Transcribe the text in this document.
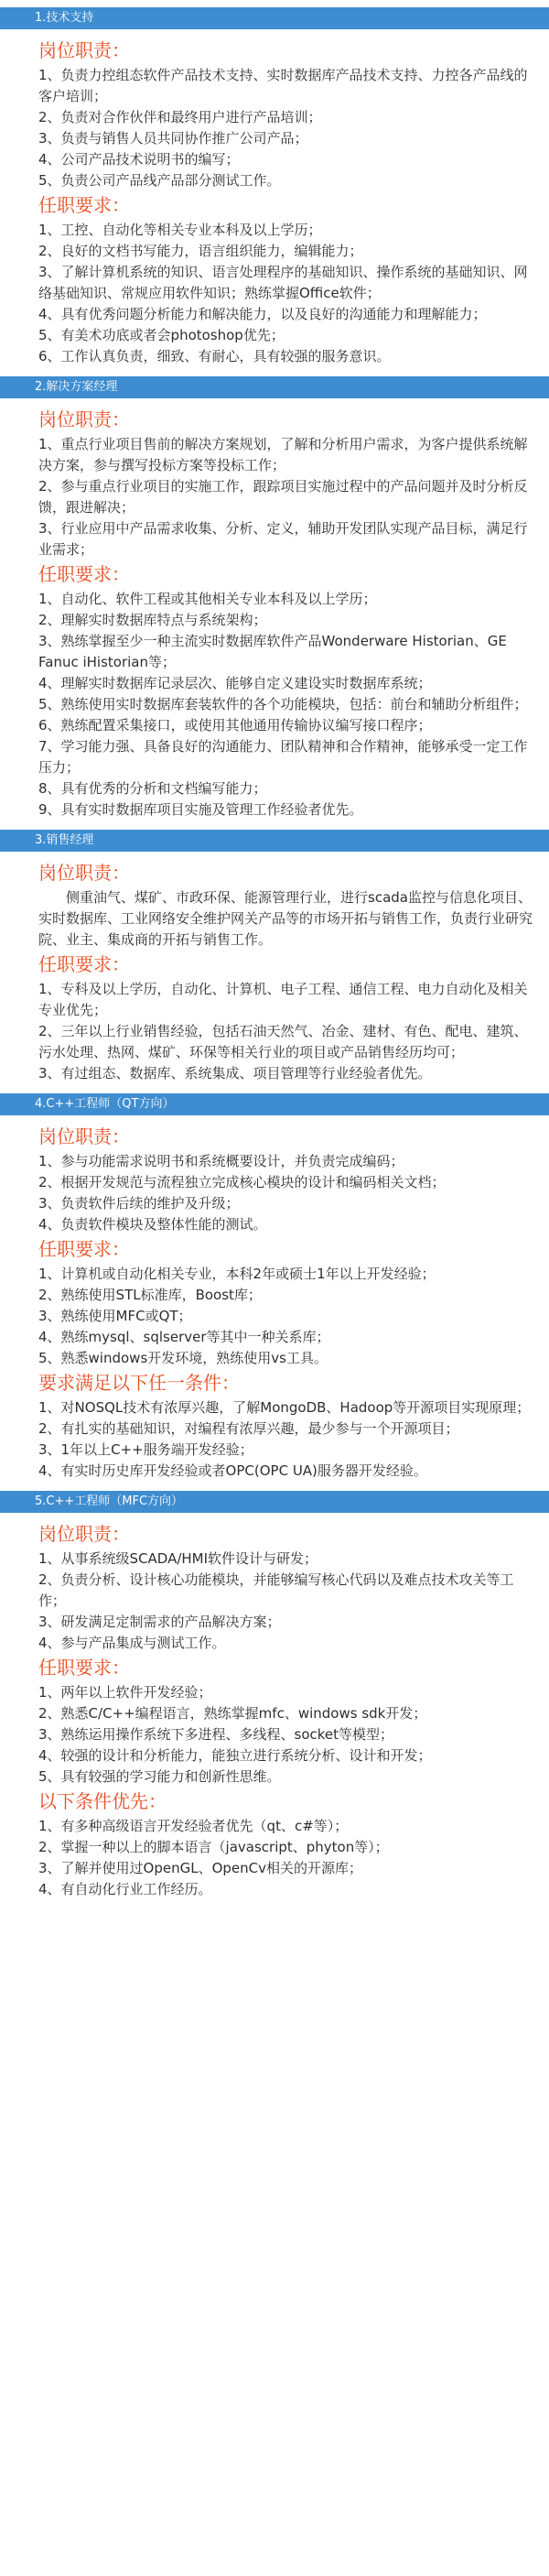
1.技术支持
岗位职责：

1、负责力控组态软件产品技术支持、实时数据库产品技术支持、力控各产品线的客户培训；

2、负责对合作伙伴和最终用户进行产品培训；

3、负责与销售人员共同协作推广公司产品；

4、公司产品技术说明书的编写；

5、负责公司产品线产品部分测试工作。

任职要求：

1、工控、自动化等相关专业本科及以上学历；

2、良好的文档书写能力，语言组织能力，编辑能力；

3、了解计算机系统的知识、语言处理程序的基础知识、操作系统的基础知识、网络基础知识、常规应用软件知识；熟练掌握Office软件；

4、具有优秀问题分析能力和解决能力，以及良好的沟通能力和理解能力；

5、有美术功底或者会photoshop优先；

6、工作认真负责，细致、有耐心，具有较强的服务意识。

2.解决方案经理
岗位职责：

1、重点行业项目售前的解决方案规划，了解和分析用户需求，为客户提供系统解决方案，参与撰写投标方案等投标工作；

2、参与重点行业项目的实施工作，跟踪项目实施过程中的产品问题并及时分析反馈，跟进解决；

3、行业应用中产品需求收集、分析、定义，辅助开发团队实现产品目标，满足行业需求；

任职要求：

1、自动化、软件工程或其他相关专业本科及以上学历；

2、理解实时数据库特点与系统架构；

3、熟练掌握至少一种主流实时数据库软件产品Wonderware Historian、GE Fanuc iHistorian等；

4、理解实时数据库记录层次、能够自定义建设实时数据库系统；

5、熟练使用实时数据库套装软件的各个功能模块，包括：前台和辅助分析组件；

6、熟练配置采集接口，或使用其他通用传输协议编写接口程序；

7、学习能力强、具备良好的沟通能力、团队精神和合作精神，能够承受一定工作压力；

8、具有优秀的分析和文档编写能力；

9、具有实时数据库项目实施及管理工作经验者优先。

3.销售经理
岗位职责：

侧重油气、煤矿、市政环保、能源管理行业，进行scada监控与信息化项目、实时数据库、工业网络安全维护网关产品等的市场开拓与销售工作，负责行业研究院、业主、集成商的开拓与销售工作。

任职要求：

1、专科及以上学历，自动化、计算机、电子工程、通信工程、电力自动化及相关专业优先；

2、三年以上行业销售经验，包括石油天然气、冶金、建材、有色、配电、建筑、污水处理、热网、煤矿、环保等相关行业的项目或产品销售经历均可；

3、有过组态、数据库、系统集成、项目管理等行业经验者优先。

4.C++工程师（QT方向）
岗位职责：

1、参与功能需求说明书和系统概要设计，并负责完成编码；

2、根据开发规范与流程独立完成核心模块的设计和编码相关文档；

3、负责软件后续的维护及升级；

4、负责软件模块及整体性能的测试。

任职要求：

1、计算机或自动化相关专业，本科2年或硕士1年以上开发经验；

2、熟练使用STL标准库，Boost库；

3、熟练使用MFC或QT；

4、熟练mysql、sqlserver等其中一种关系库；

5、熟悉windows开发环境，熟练使用vs工具。

要求满足以下任一条件：

1、对NOSQL技术有浓厚兴趣，了解MongoDB、Hadoop等开源项目实现原理；

2、有扎实的基础知识，对编程有浓厚兴趣，最少参与一个开源项目；

3、1年以上C++服务端开发经验；

4、有实时历史库开发经验或者OPC(OPC UA)服务器开发经验。

5.C++工程师（MFC方向）
岗位职责：

1、从事系统级SCADA/HMI软件设计与研发；

2、负责分析、设计核心功能模块，并能够编写核心代码以及难点技术攻关等工作；

3、研发满足定制需求的产品解决方案；

4、参与产品集成与测试工作。

任职要求：

1、两年以上软件开发经验；

2、熟悉C/C++编程语言，熟练掌握mfc、windows sdk开发；

3、熟练运用操作系统下多进程、多线程、socket等模型；

4、较强的设计和分析能力，能独立进行系统分析、设计和开发；

5、具有较强的学习能力和创新性思维。

以下条件优先：

1、有多种高级语言开发经验者优先（qt、c#等）；

2、掌握一种以上的脚本语言（javascript、phyton等）；

3、了解并使用过OpenGL、OpenCv相关的开源库；

4、有自动化行业工作经历。
